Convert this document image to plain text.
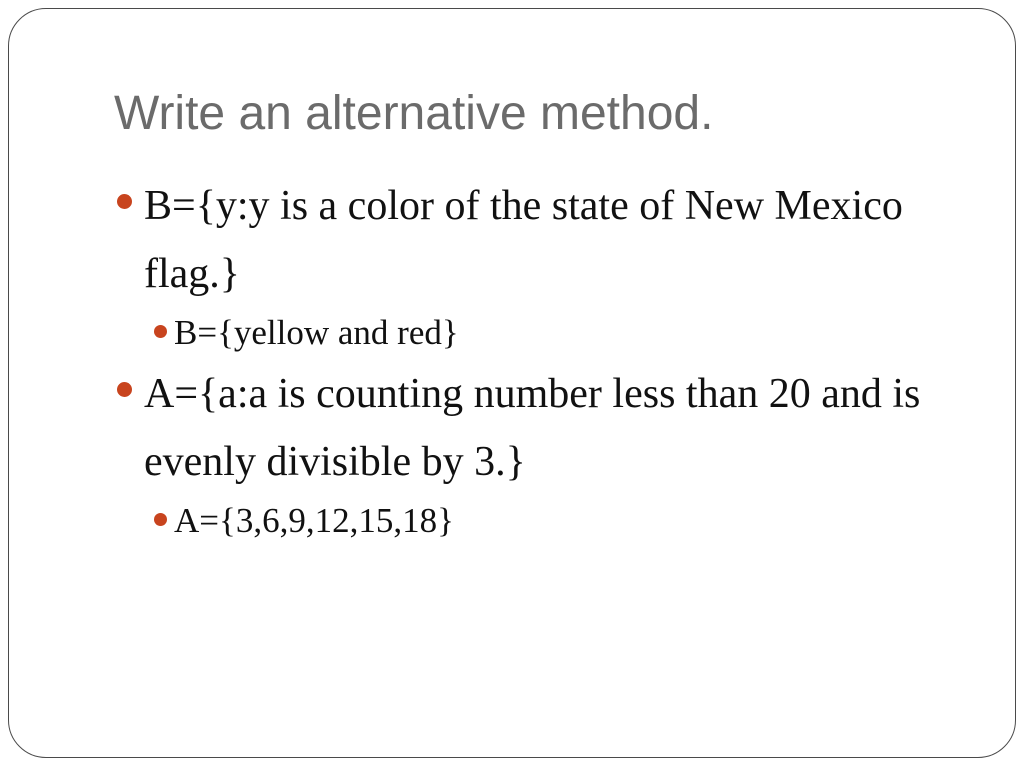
Write an alternative method.

B={y:y is a color of the state of New Mexico flag.}

B={yellow and red}

A={a:a is counting number less than 20 and is evenly divisible by 3.}

A={3,6,9,12,15,18}
